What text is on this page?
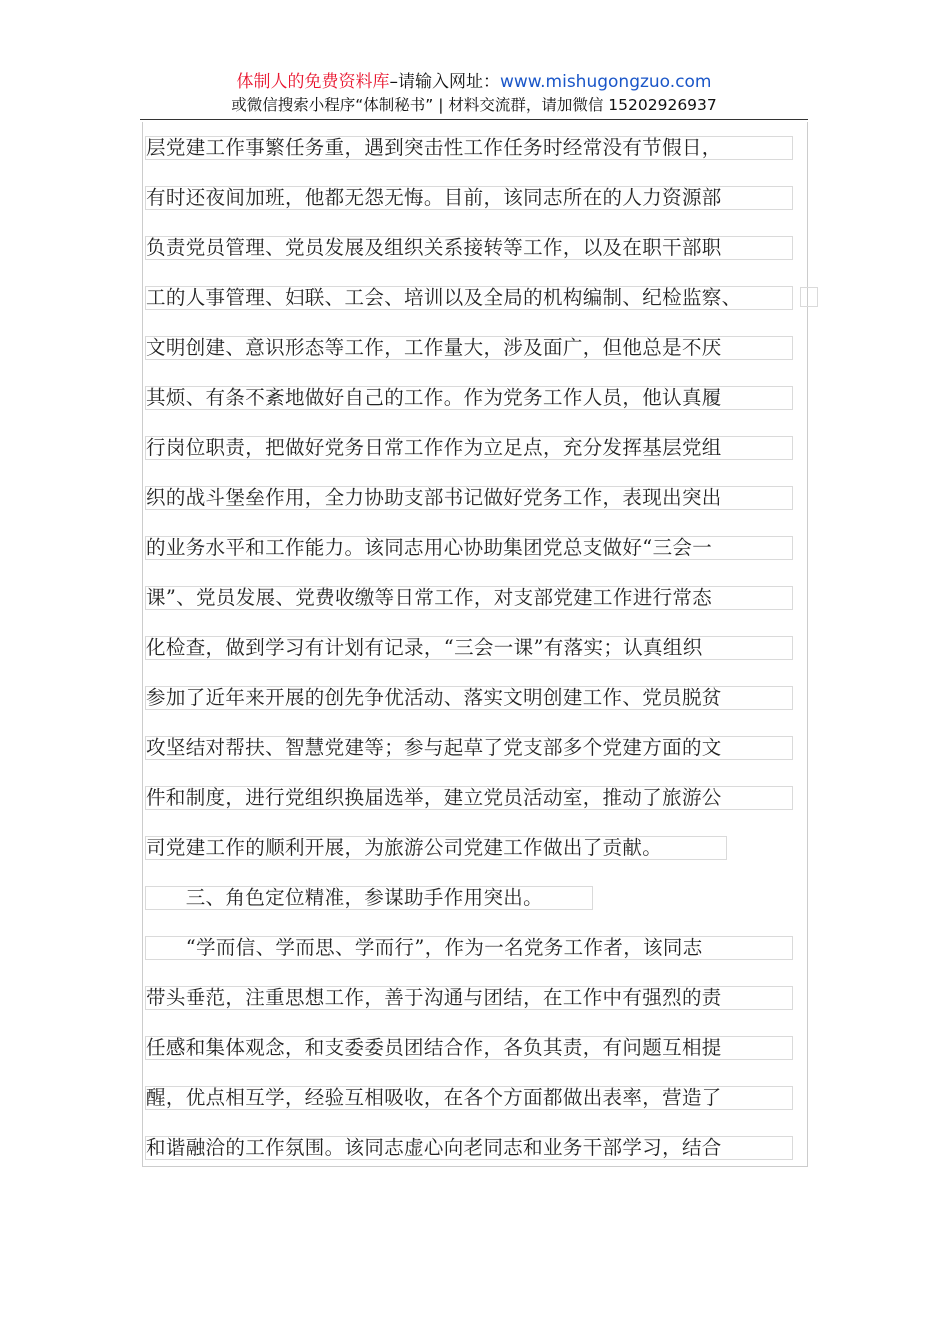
体制人的免费资料库–请输入网址：www.mishugongzuo.com
或微信搜索小程序“体制秘书” | 材料交流群，请加微信 15202926937
层党建工作事繁任务重，遇到突击性工作任务时经常没有节假日，
有时还夜间加班，他都无怨无悔。目前，该同志所在的人力资源部
负责党员管理、党员发展及组织关系接转等工作，以及在职干部职
工的人事管理、妇联、工会、培训以及全局的机构编制、纪检监察、
文明创建、意识形态等工作，工作量大，涉及面广，但他总是不厌
其烦、有条不紊地做好自己的工作。作为党务工作人员，他认真履
行岗位职责，把做好党务日常工作作为立足点，充分发挥基层党组
织的战斗堡垒作用，全力协助支部书记做好党务工作，表现出突出
的业务水平和工作能力。该同志用心协助集团党总支做好“三会一
课”、党员发展、党费收缴等日常工作，对支部党建工作进行常态
化检查，做到学习有计划有记录，“三会一课”有落实；认真组织
参加了近年来开展的创先争优活动、落实文明创建工作、党员脱贫
攻坚结对帮扶、智慧党建等；参与起草了党支部多个党建方面的文
件和制度，进行党组织换届选举，建立党员活动室，推动了旅游公
司党建工作的顺利开展，为旅游公司党建工作做出了贡献。
　　三、角色定位精准，参谋助手作用突出。
　　“学而信、学而思、学而行”，作为一名党务工作者，该同志
带头垂范，注重思想工作，善于沟通与团结，在工作中有强烈的责
任感和集体观念，和支委委员团结合作，各负其责，有问题互相提
醒，优点相互学，经验互相吸收，在各个方面都做出表率，营造了
和谐融洽的工作氛围。该同志虚心向老同志和业务干部学习，结合
